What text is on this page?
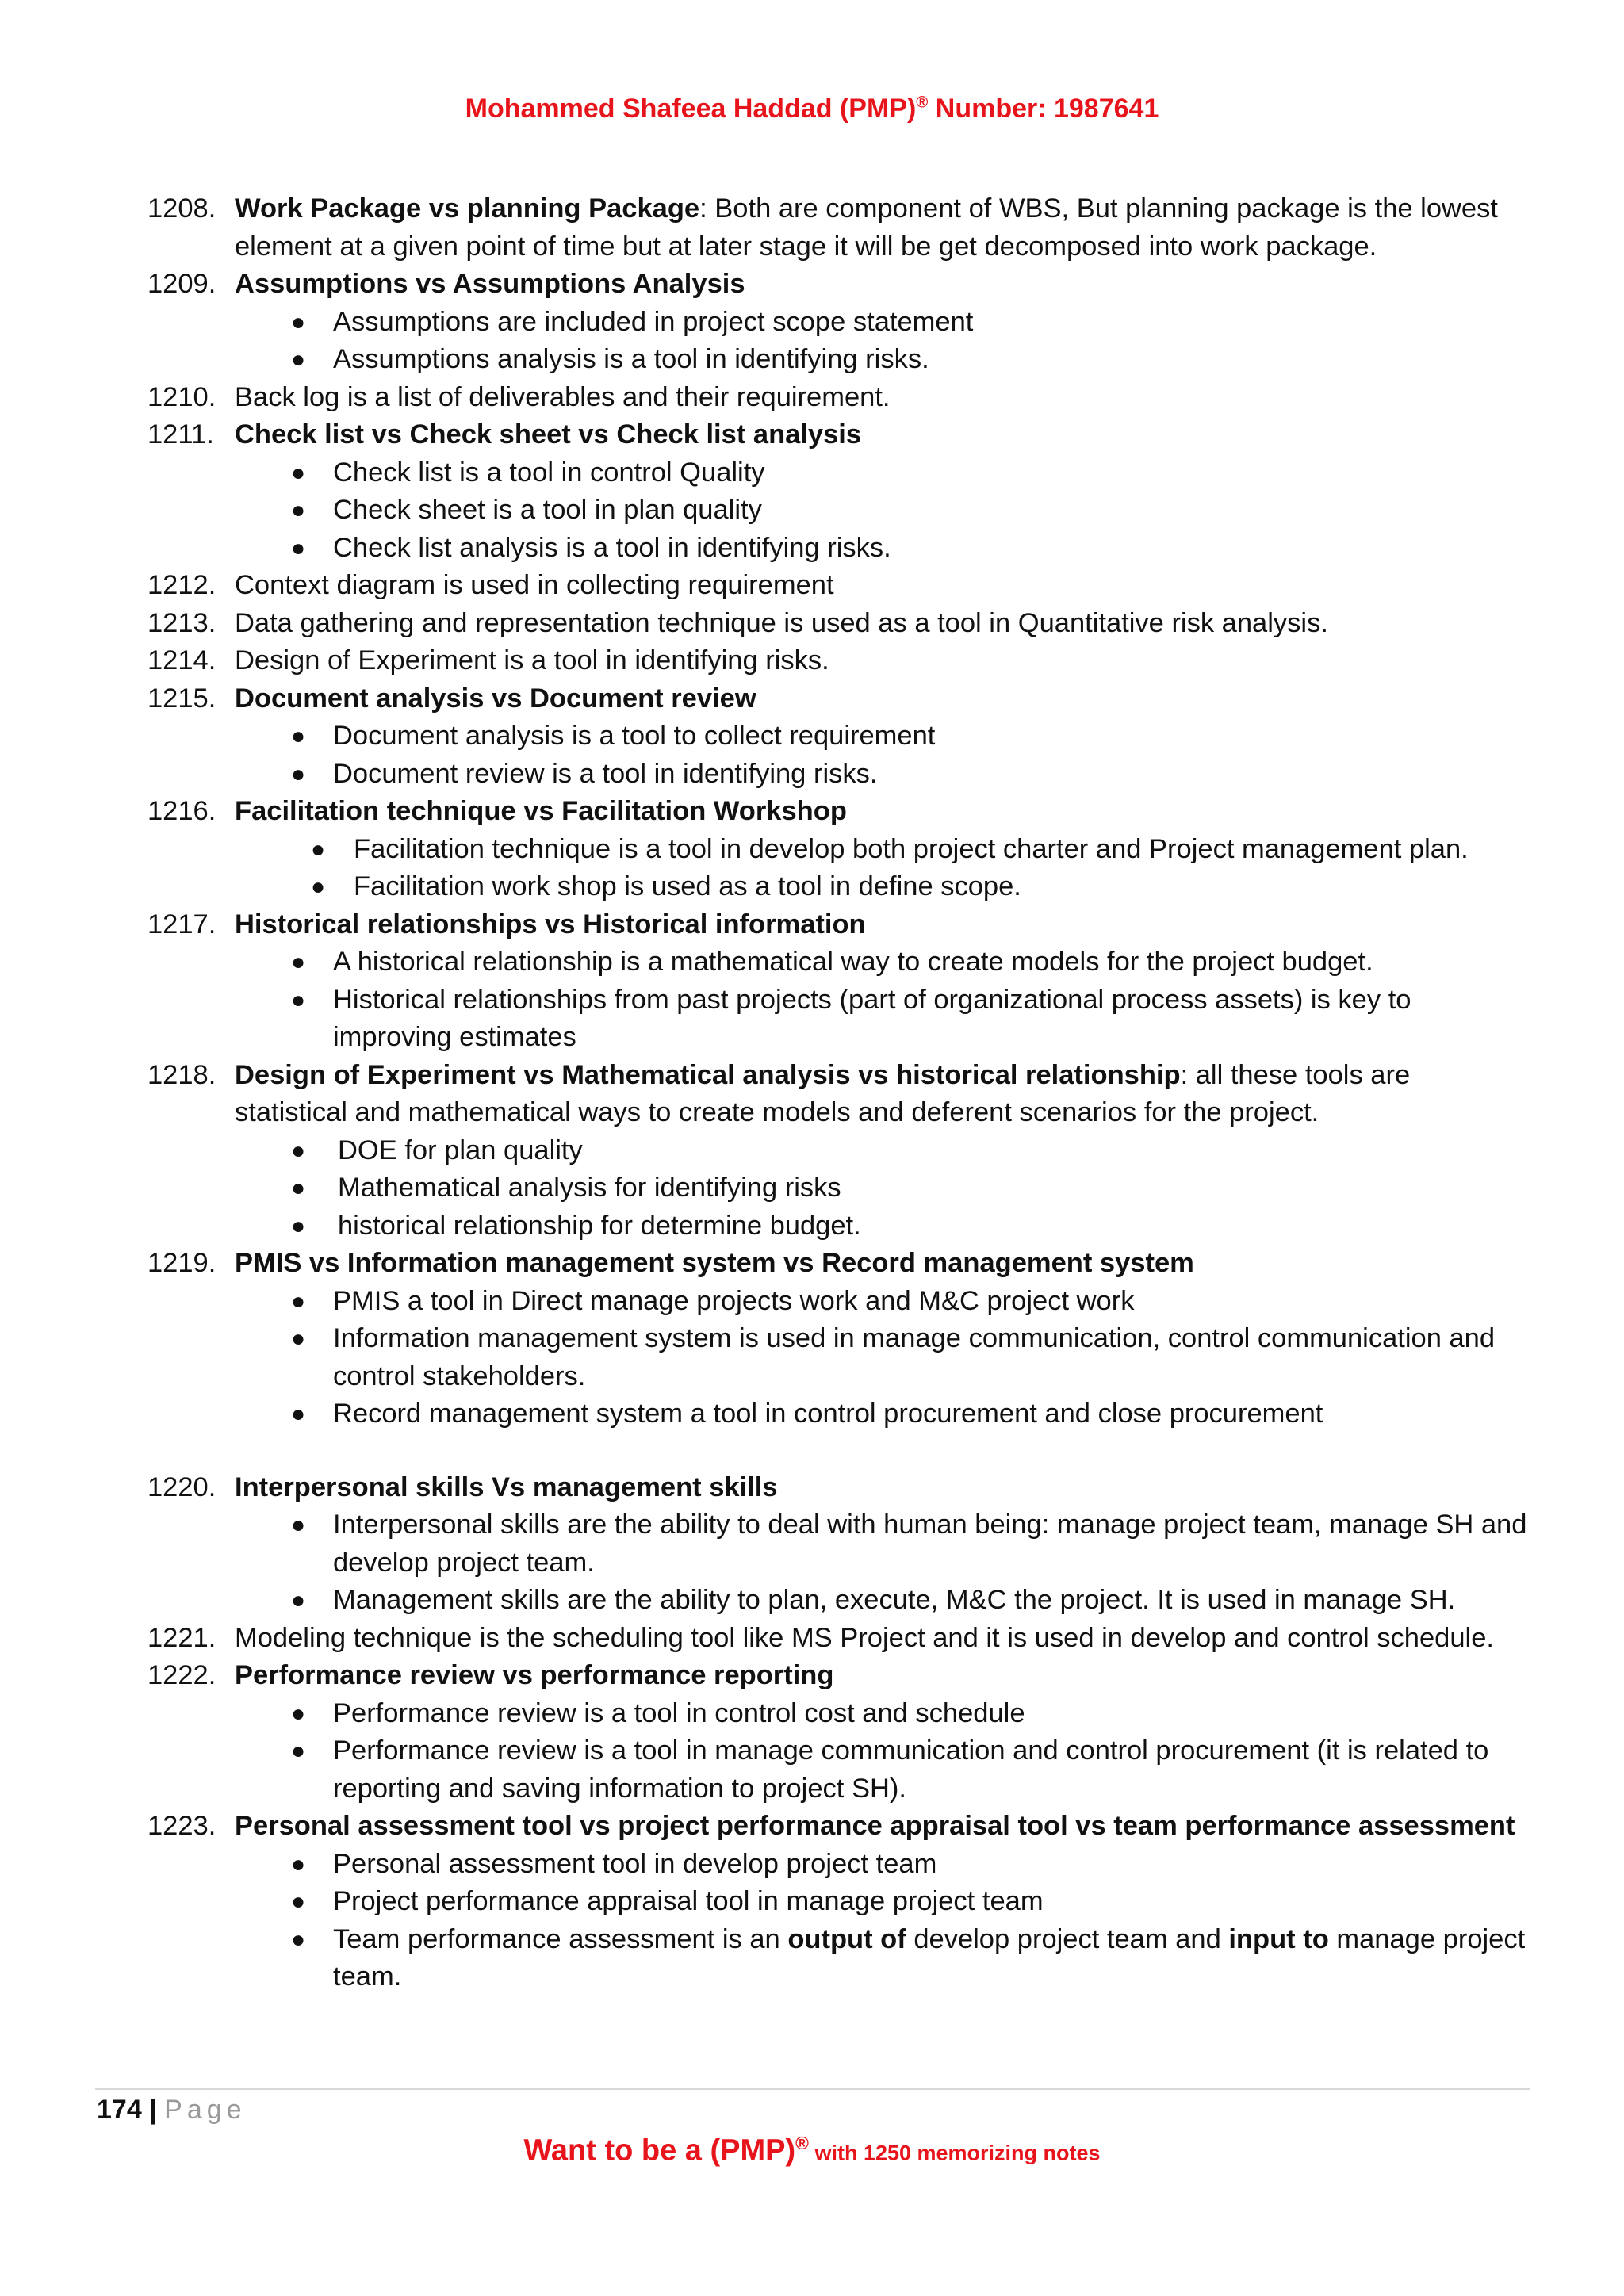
Mohammed Shafeea Haddad (PMP)® Number: 1987641
1208. Work Package vs planning Package: Both are component of WBS, But planning package is the lowest element at a given point of time but at later stage it will be get decomposed into work package.
1209. Assumptions vs Assumptions Analysis
● Assumptions are included in project scope statement
● Assumptions analysis is a tool in identifying risks.
1210. Back log is a list of deliverables and their requirement.
1211. Check list vs Check sheet vs Check list analysis
● Check list is a tool in control Quality
● Check sheet is a tool in plan quality
● Check list analysis is a tool in identifying risks.
1212. Context diagram is used in collecting requirement
1213. Data gathering and representation technique is used as a tool in Quantitative risk analysis.
1214. Design of Experiment is a tool in identifying risks.
1215. Document analysis vs Document review
● Document analysis is a tool to collect requirement
● Document review is a tool in identifying risks.
1216. Facilitation technique vs Facilitation Workshop
● Facilitation technique is a tool in develop both project charter and Project management plan.
● Facilitation work shop is used as a tool in define scope.
1217. Historical relationships vs Historical information
● A historical relationship is a mathematical way to create models for the project budget.
● Historical relationships from past projects (part of organizational process assets) is key to improving estimates
1218. Design of Experiment vs Mathematical analysis vs historical relationship: all these tools are statistical and mathematical ways to create models and deferent scenarios for the project.
● DOE for plan quality
● Mathematical analysis for identifying risks
● historical relationship for determine budget.
1219. PMIS vs Information management system vs Record management system
● PMIS a tool in Direct manage projects work and M&C project work
● Information management system is used in manage communication, control communication and control stakeholders.
● Record management system a tool in control procurement and close procurement
1220. Interpersonal skills Vs management skills
● Interpersonal skills are the ability to deal with human being: manage project team, manage SH and develop project team.
● Management skills are the ability to plan, execute, M&C the project. It is used in manage SH.
1221. Modeling technique is the scheduling tool like MS Project and it is used in develop and control schedule.
1222. Performance review vs performance reporting
● Performance review is a tool in control cost and schedule
● Performance review is a tool in manage communication and control procurement (it is related to reporting and saving information to project SH).
1223. Personal assessment tool vs project performance appraisal tool vs team performance assessment
● Personal assessment tool in develop project team
● Project performance appraisal tool in manage project team
● Team performance assessment is an output of develop project team and input to manage project team.
174 | Page
Want to be a (PMP)® with 1250 memorizing notes
